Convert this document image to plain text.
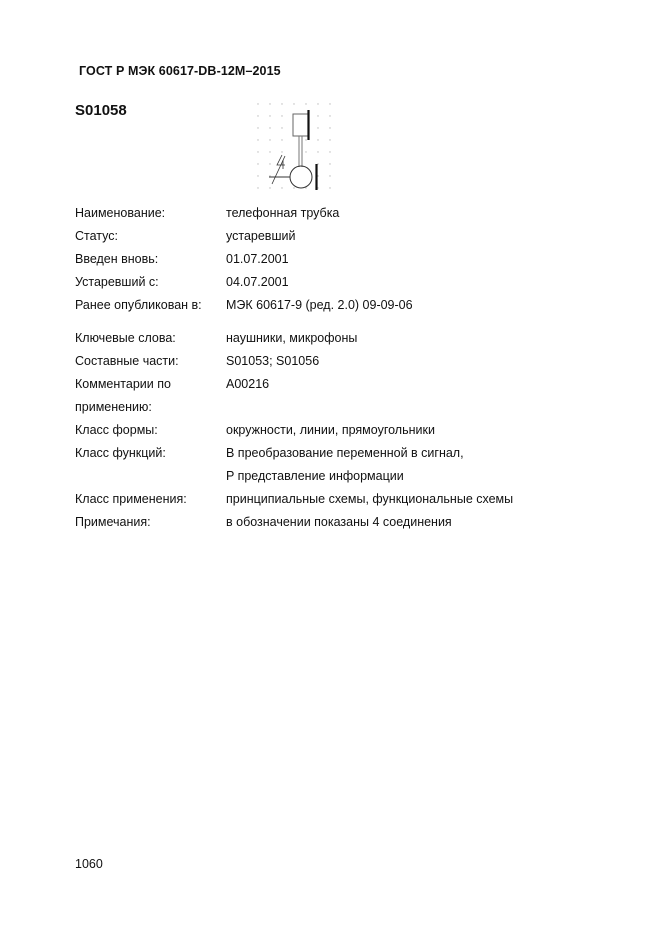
ГОСТ Р МЭК 60617-DB-12M–2015
S01058
Наименование:	телефонная трубка
Статус:	устаревший
Введен вновь:	01.07.2001
Устаревший с:	04.07.2001
Ранее опубликован в:	МЭК 60617-9 (ред. 2.0) 09-09-06
Ключевые слова:	наушники, микрофоны
Составные части:	S01053; S01056
Комментарии по	A00216
применению:
Класс формы:	окружности, линии, прямоугольники
Класс функций:	B преобразование переменной в сигнал,
P представление информации
Класс применения:	принципиальные схемы, функциональные схемы
Примечания:	в обозначении показаны 4 соединения
1060
